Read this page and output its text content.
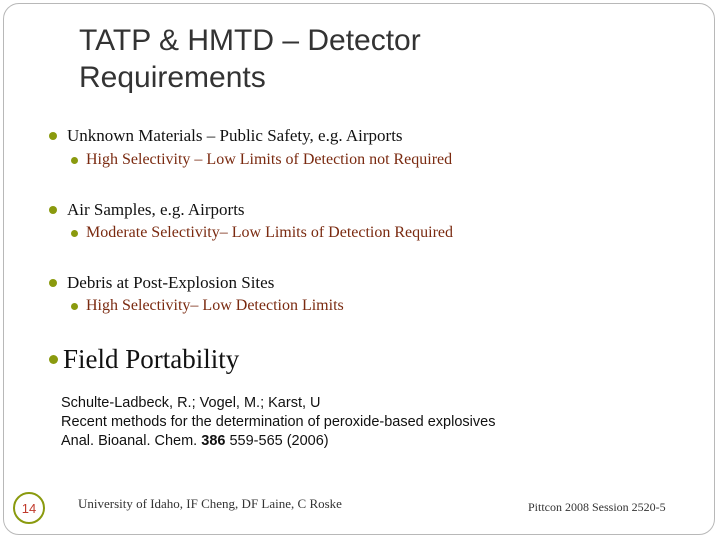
TATP & HMTD – Detector
Requirements
Unknown Materials – Public Safety, e.g. Airports
High Selectivity – Low Limits of Detection not Required
Air Samples, e.g. Airports
Moderate Selectivity– Low Limits of Detection Required
Debris at Post-Explosion Sites
High Selectivity– Low Detection Limits
Field Portability
Schulte-Ladbeck, R.; Vogel, M.; Karst, U
Recent methods for the determination of peroxide-based explosives
Anal. Bioanal. Chem. 386 559-565 (2006)
14	University of Idaho, IF Cheng, DF Laine, C Roske	Pittcon 2008 Session 2520-5
